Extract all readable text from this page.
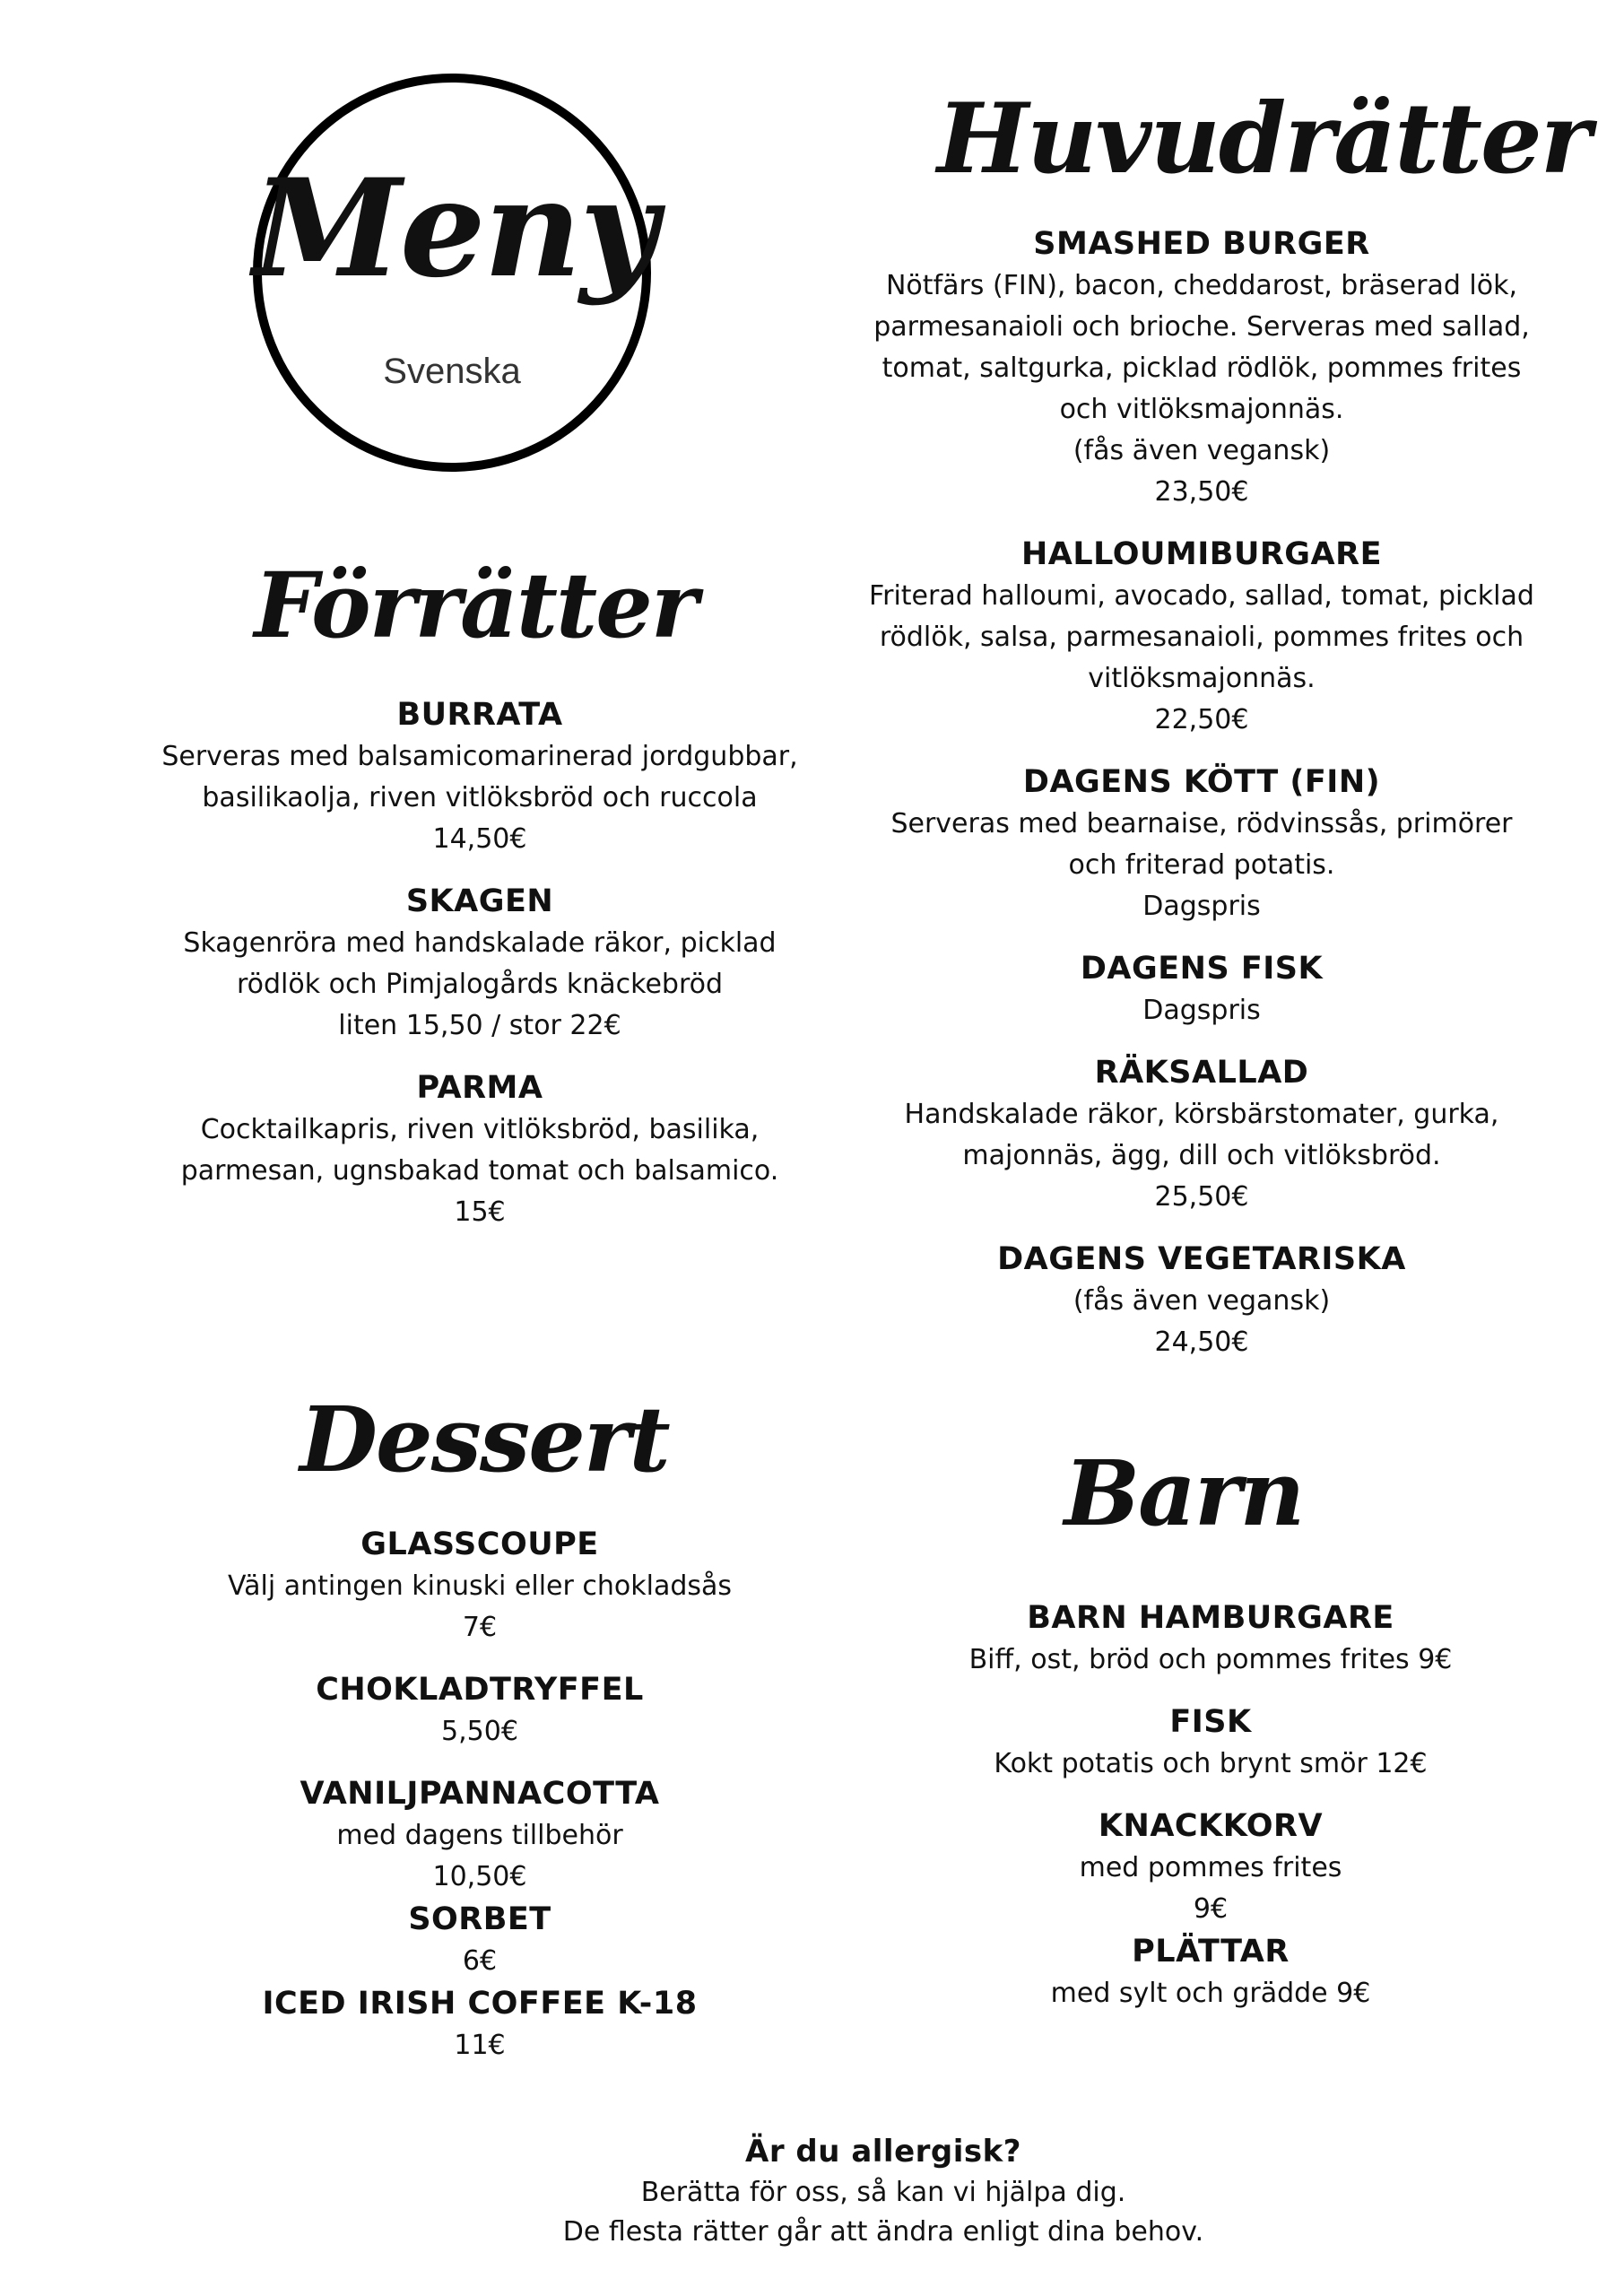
Meny
Svenska
Huvudrätter
Förrätter
Dessert
Barn
BURRATA
Serveras med balsamicomarinerad jordgubbar,
basilikaolja, riven vitlöksbröd och ruccola
14,50€
SKAGEN
Skagenröra med handskalade räkor, picklad
rödlök och Pimjalogårds knäckebröd
liten 15,50 / stor 22€
PARMA
Cocktailkapris, riven vitlöksbröd, basilika,
parmesan, ugnsbakad tomat och balsamico.
15€
GLASSCOUPE
Välj antingen kinuski eller chokladsås
7€
CHOKLADTRYFFEL
5,50€
VANILJPANNACOTTA
med dagens tillbehör
10,50€
SORBET
6€
ICED IRISH COFFEE K-18
11€
SMASHED BURGER
Nötfärs (FIN), bacon, cheddarost, bräserad lök,
parmesanaioli och brioche. Serveras med sallad,
tomat, saltgurka, picklad rödlök, pommes frites
och vitlöksmajonnäs.
(fås även vegansk)
23,50€
HALLOUMIBURGARE
Friterad halloumi, avocado, sallad, tomat, picklad
rödlök, salsa, parmesanaioli, pommes frites och
vitlöksmajonnäs.
22,50€
DAGENS KÖTT (FIN)
Serveras med bearnaise, rödvinssås, primörer
och friterad potatis.
Dagspris
DAGENS FISK
Dagspris
RÄKSALLAD
Handskalade räkor, körsbärstomater, gurka,
majonnäs, ägg, dill och vitlöksbröd.
25,50€
DAGENS VEGETARISKA
(fås även vegansk)
24,50€
BARN HAMBURGARE
Biff, ost, bröd och pommes frites 9€
FISK
Kokt potatis och brynt smör 12€
KNACKKORV
med pommes frites
9€
PLÄTTAR
med sylt och grädde 9€
Är du allergisk?
Berätta för oss, så kan vi hjälpa dig.
De flesta rätter går att ändra enligt dina behov.
